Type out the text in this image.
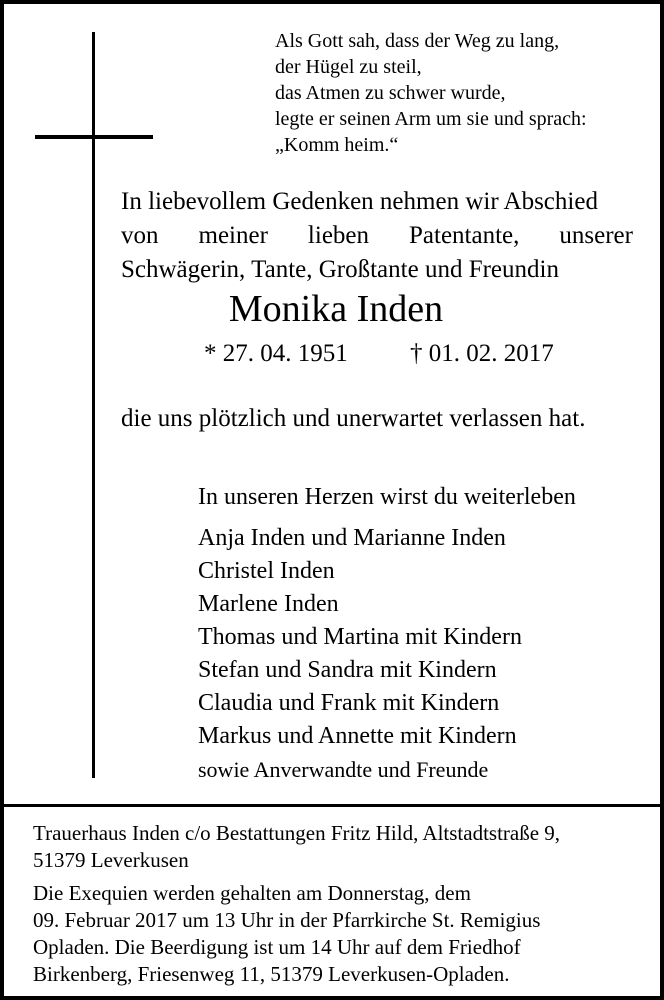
Als Gott sah, dass der Weg zu lang,
der Hügel zu steil,
das Atmen zu schwer wurde,
legte er seinen Arm um sie und sprach:
„Komm heim.“
In liebevollem Gedenken nehmen wir Abschied
von meiner lieben Patentante, unserer
Schwägerin, Tante, Großtante und Freundin
Monika Inden
* 27. 04. 1951 † 01. 02. 2017
die uns plötzlich und unerwartet verlassen hat.
In unseren Herzen wirst du weiterleben
Anja Inden und Marianne Inden
Christel Inden
Marlene Inden
Thomas und Martina mit Kindern
Stefan und Sandra mit Kindern
Claudia und Frank mit Kindern
Markus und Annette mit Kindern
sowie Anverwandte und Freunde
Trauerhaus Inden c/o Bestattungen Fritz Hild, Altstadtstraße 9,
51379 Leverkusen
Die Exequien werden gehalten am Donnerstag, dem
09. Februar 2017 um 13 Uhr in der Pfarrkirche St. Remigius
Opladen. Die Beerdigung ist um 14 Uhr auf dem Friedhof
Birkenberg, Friesenweg 11, 51379 Leverkusen-Opladen.
